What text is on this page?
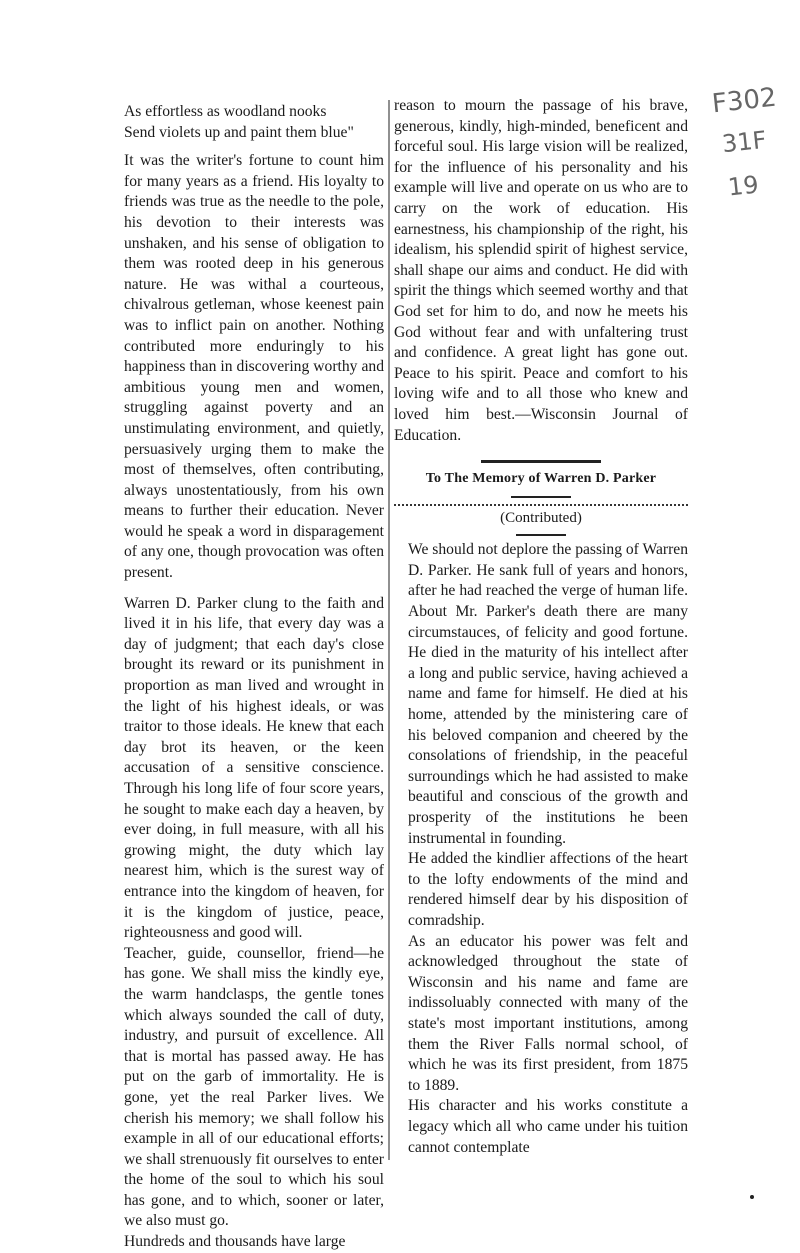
F302
31F
19
As effortless as woodland nooks
Send violets up and paint them blue"

It was the writer's fortune to count him for many years as a friend. His loyalty to friends was true as the needle to the pole, his devotion to their interests was unshaken, and his sense of obligation to them was rooted deep in his generous nature. He was withal a courteous, chivalrous getleman, whose keenest pain was to inflict pain on another. Nothing contributed more enduringly to his happiness than in discovering worthy and ambitious young men and women, struggling against poverty and an unstimulating environment, and quietly, persuasively urging them to make the most of themselves, often contributing, always unostentatiously, from his own means to further their education. Never would he speak a word in disparagement of any one, though provocation was often present.

Warren D. Parker clung to the faith and lived it in his life, that every day was a day of judgment; that each day's close brought its reward or its punishment in proportion as man lived and wrought in the light of his highest ideals, or was traitor to those ideals. He knew that each day brot its heaven, or the keen accusation of a sensitive conscience. Through his long life of four score years, he sought to make each day a heaven, by ever doing, in full measure, with all his growing might, the duty which lay nearest him, which is the surest way of entrance into the kingdom of heaven, for it is the kingdom of justice, peace, righteousness and good will.

Teacher, guide, counsellor, friend—he has gone. We shall miss the kindly eye, the warm handclasps, the gentle tones which always sounded the call of duty, industry, and pursuit of excellence. All that is mortal has passed away. He has put on the garb of immortality. He is gone, yet the real Parker lives. We cherish his memory; we shall follow his example in all of our educational efforts; we shall strenuously fit ourselves to enter the home of the soul to which his soul has gone, and to which, sooner or later, we also must go.

Hundreds and thousands have large

reason to mourn the passage of his brave, generous, kindly, high-minded, beneficent and forceful soul. His large vision will be realized, for the influence of his personality and his example will live and operate on us who are to carry on the work of education. His earnestness, his championship of the right, his idealism, his splendid spirit of highest service, shall shape our aims and conduct. He did with spirit the things which seemed worthy and that God set for him to do, and now he meets his God without fear and with unfaltering trust and confidence. A great light has gone out. Peace to his spirit. Peace and comfort to his loving wife and to all those who knew and loved him best.—Wisconsin Journal of Education.

To The Memory of Warren D. Parker
(Contributed)

We should not deplore the passing of Warren D. Parker. He sank full of years and honors, after he had reached the verge of human life. About Mr. Parker's death there are many circumstauces, of felicity and good fortune. He died in the maturity of his intellect after a long and public service, having achieved a name and fame for himself. He died at his home, attended by the ministering care of his beloved companion and cheered by the consolations of friendship, in the peaceful surroundings which he had assisted to make beautiful and conscious of the growth and prosperity of the institutions he been instrumental in founding.

He added the kindlier affections of the heart to the lofty endowments of the mind and rendered himself dear by his disposition of comradship.

As an educator his power was felt and acknowledged throughout the state of Wisconsin and his name and fame are indissoluably connected with many of the state's most important institutions, among them the River Falls normal school, of which he was its first president, from 1875 to 1889.

His character and his works constitute a legacy which all who came under his tuition cannot contemplate
